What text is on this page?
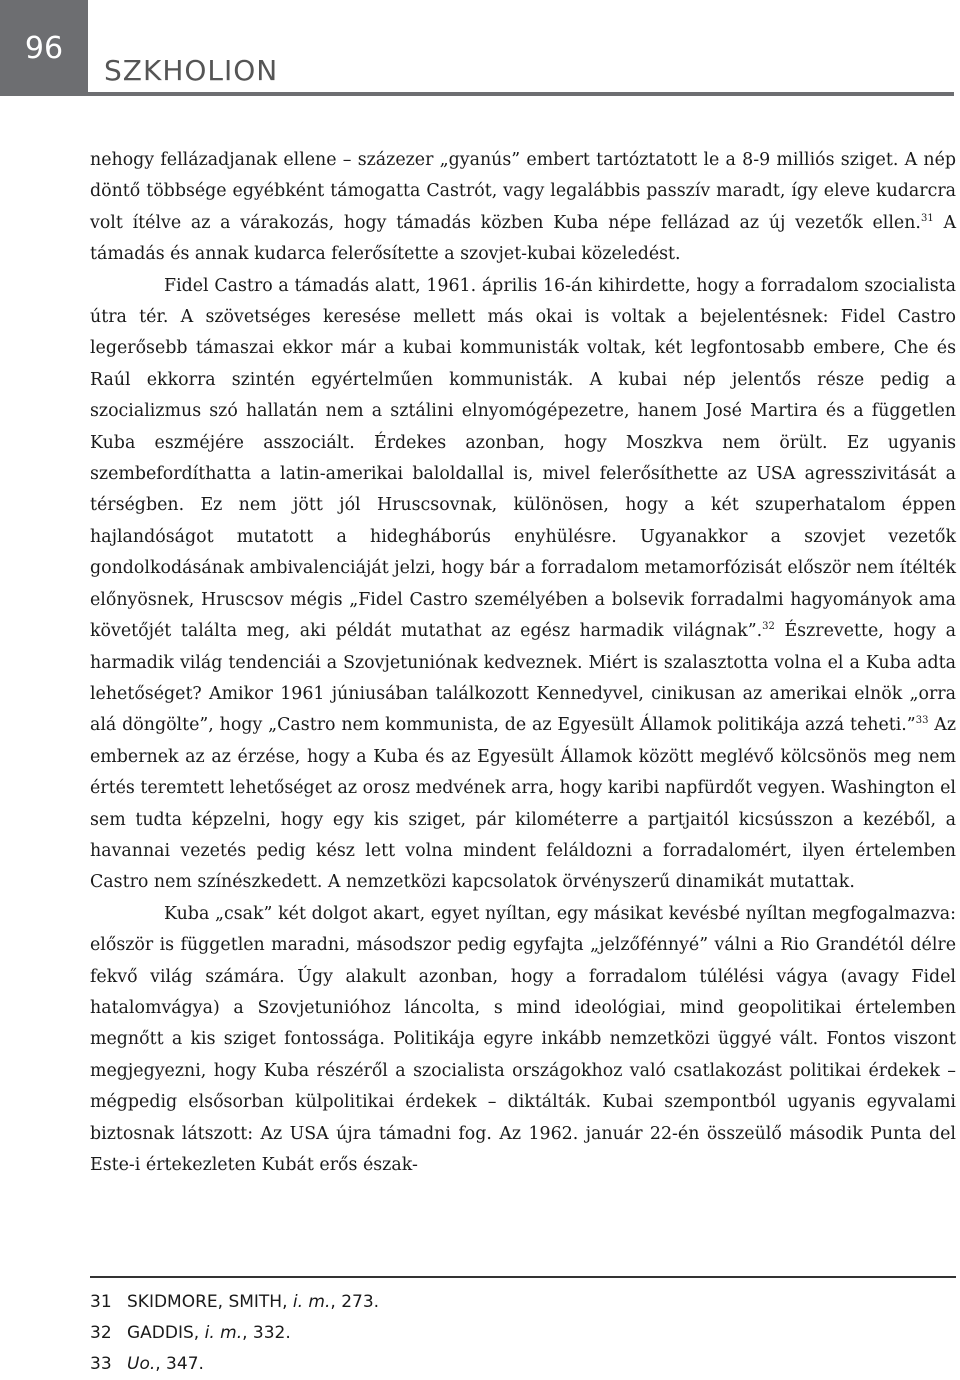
96
SZKHOLION

nehogy fellázadjanak ellene – százezer „gyanús” embert tartóztatott le a 8-9 milliós sziget. A nép döntő többsége egyébként támogatta Castrót, vagy legalábbis passzív maradt, így eleve kudarcra volt ítélve az a várakozás, hogy támadás közben Kuba népe fellázad az új vezetők ellen.$^{31}$ A támadás és annak kudarca felerősítette a szovjet-kubai közeledést.

Fidel Castro a támadás alatt, 1961. április 16-án kihirdette, hogy a forradalom szocialista útra tér. A szövetséges keresése mellett más okai is voltak a bejelentésnek: Fidel Castro legerősebb támaszai ekkor már a kubai kommunisták voltak, két legfontosabb embere, Che és Raúl ekkorra szintén egyértelműen kommunisták. A kubai nép jelentős része pedig a szocializmus szó hallatán nem a sztálini elnyomógépezetre, hanem José Martira és a független Kuba eszméjére asszociált. Érdekes azonban, hogy Moszkva nem örült. Ez ugyanis szembefordíthatta a latin-amerikai baloldallal is, mivel felerősíthette az USA agresszivitását a térségben. Ez nem jött jól Hruscsovnak, különösen, hogy a két szuperhatalom éppen hajlandóságot mutatott a hidegháborús enyhülésre. Ugyanakkor a szovjet vezetők gondolkodásának ambivalenciáját jelzi, hogy bár a forradalom metamorfózisát először nem ítélték előnyösnek, Hruscsov mégis „Fidel Castro személyében a bolsevik forradalmi hagyományok ama követőjét találta meg, aki példát mutathat az egész harmadik világnak”.$^{32}$ Észrevette, hogy a harmadik világ tendenciái a Szovjetuniónak kedveznek. Miért is szalasztotta volna el a Kuba adta lehetőséget? Amikor 1961 júniusában találkozott Kennedyvel, cinikusan az amerikai elnök „orra alá döngölte”, hogy „Castro nem kommunista, de az Egyesült Államok politikája azzá teheti.”$^{33}$ Az embernek az az érzése, hogy a Kuba és az Egyesült Államok között meglévő kölcsönös meg nem értés teremtett lehetőséget az orosz medvének arra, hogy karibi napfürdőt vegyen. Washington el sem tudta képzelni, hogy egy kis sziget, pár kilométerre a partjaitól kicsússzon a kezéből, a havannai vezetés pedig kész lett volna mindent feláldozni a forradalomért, ilyen értelemben Castro nem színészkedett. A nemzetközi kapcsolatok örvényszerű dinamikát mutattak.

Kuba „csak” két dolgot akart, egyet nyíltan, egy másikat kevésbé nyíltan megfogalmazva: először is független maradni, másodszor pedig egyfajta „jelzőfénnyé” válni a Rio Grandétól délre fekvő világ számára. Úgy alakult azonban, hogy a forradalom túlélési vágya (avagy Fidel hatalomvágya) a Szovjetunióhoz láncolta, s mind ideológiai, mind geopolitikai értelemben megnőtt a kis sziget fontossága. Politikája egyre inkább nemzetközi üggyé vált. Fontos viszont megjegyezni, hogy Kuba részéről a szocialista országokhoz való csatlakozást politikai érdekek – mégpedig elsősorban külpolitikai érdekek – diktálták. Kubai szempontból ugyanis egyvalami biztosnak látszott: Az USA újra támadni fog. Az 1962. január 22-én összeülő második Punta del Este-i értekezleten Kubát erős észak-

31 SKIDMORE, SMITH, i. m., 273.
32 GADDIS, i. m., 332.
33 Uo., 347.
